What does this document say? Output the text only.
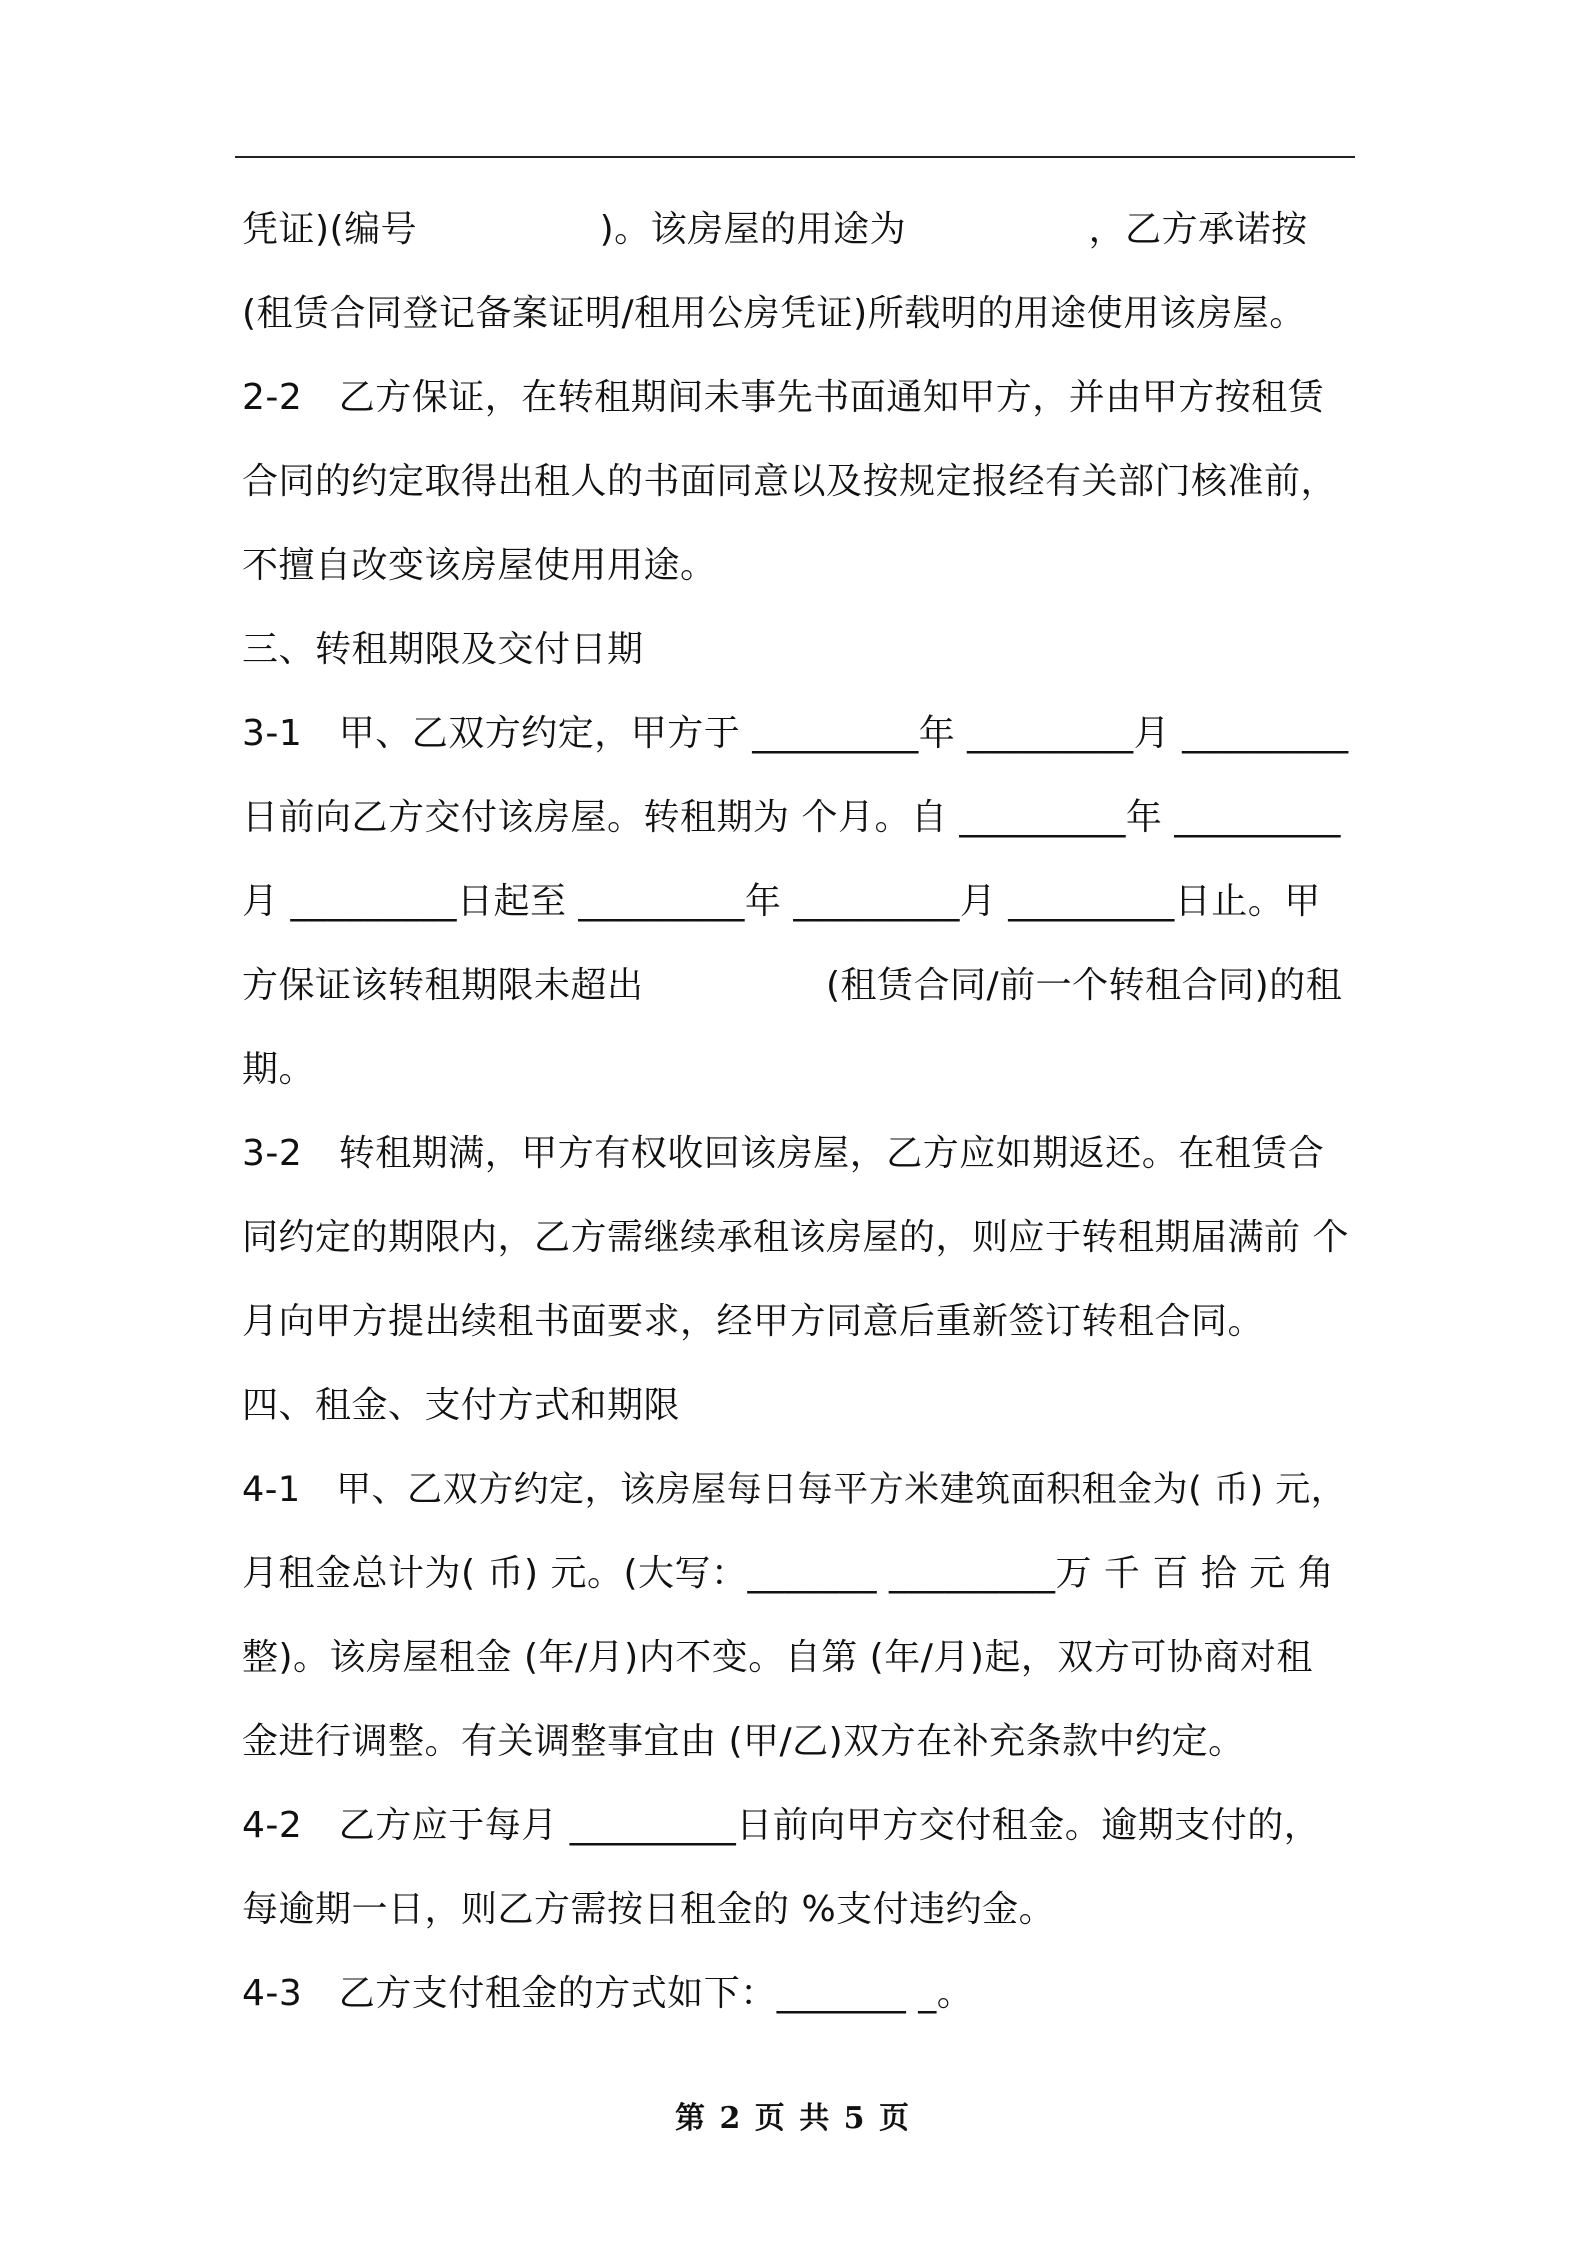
凭证)(编号　　　　　)。该房屋的用途为　　　　　，乙方承诺按
(租赁合同登记备案证明/租用公房凭证)所载明的用途使用该房屋。
2-2　乙方保证，在转租期间未事先书面通知甲方，并由甲方按租赁
合同的约定取得出租人的书面同意以及按规定报经有关部门核准前，
不擅自改变该房屋使用用途。
三、转租期限及交付日期
3-1　甲、乙双方约定，甲方于 _________年 _________月 _________
日前向乙方交付该房屋。转租期为 个月。自 _________年 _________
月 _________日起至 _________年 _________月 _________日止。甲
方保证该转租期限未超出　　　　　(租赁合同/前一个转租合同)的租
期。
3-2　转租期满，甲方有权收回该房屋，乙方应如期返还。在租赁合
同约定的期限内，乙方需继续承租该房屋的，则应于转租期届满前 个
月向甲方提出续租书面要求，经甲方同意后重新签订转租合同。
四、租金、支付方式和期限
4-1　甲、乙双方约定，该房屋每日每平方米建筑面积租金为( 币) 元，
月租金总计为( 币) 元。(大写：_______ _________万 千 百 拾 元 角
整)。该房屋租金 (年/月)内不变。自第 (年/月)起，双方可协商对租
金进行调整。有关调整事宜由 (甲/乙)双方在补充条款中约定。
4-2　乙方应于每月 _________日前向甲方交付租金。逾期支付的，
每逾期一日，则乙方需按日租金的 %支付违约金。
4-3　乙方支付租金的方式如下：_______ _。
第 2 页 共 5 页
